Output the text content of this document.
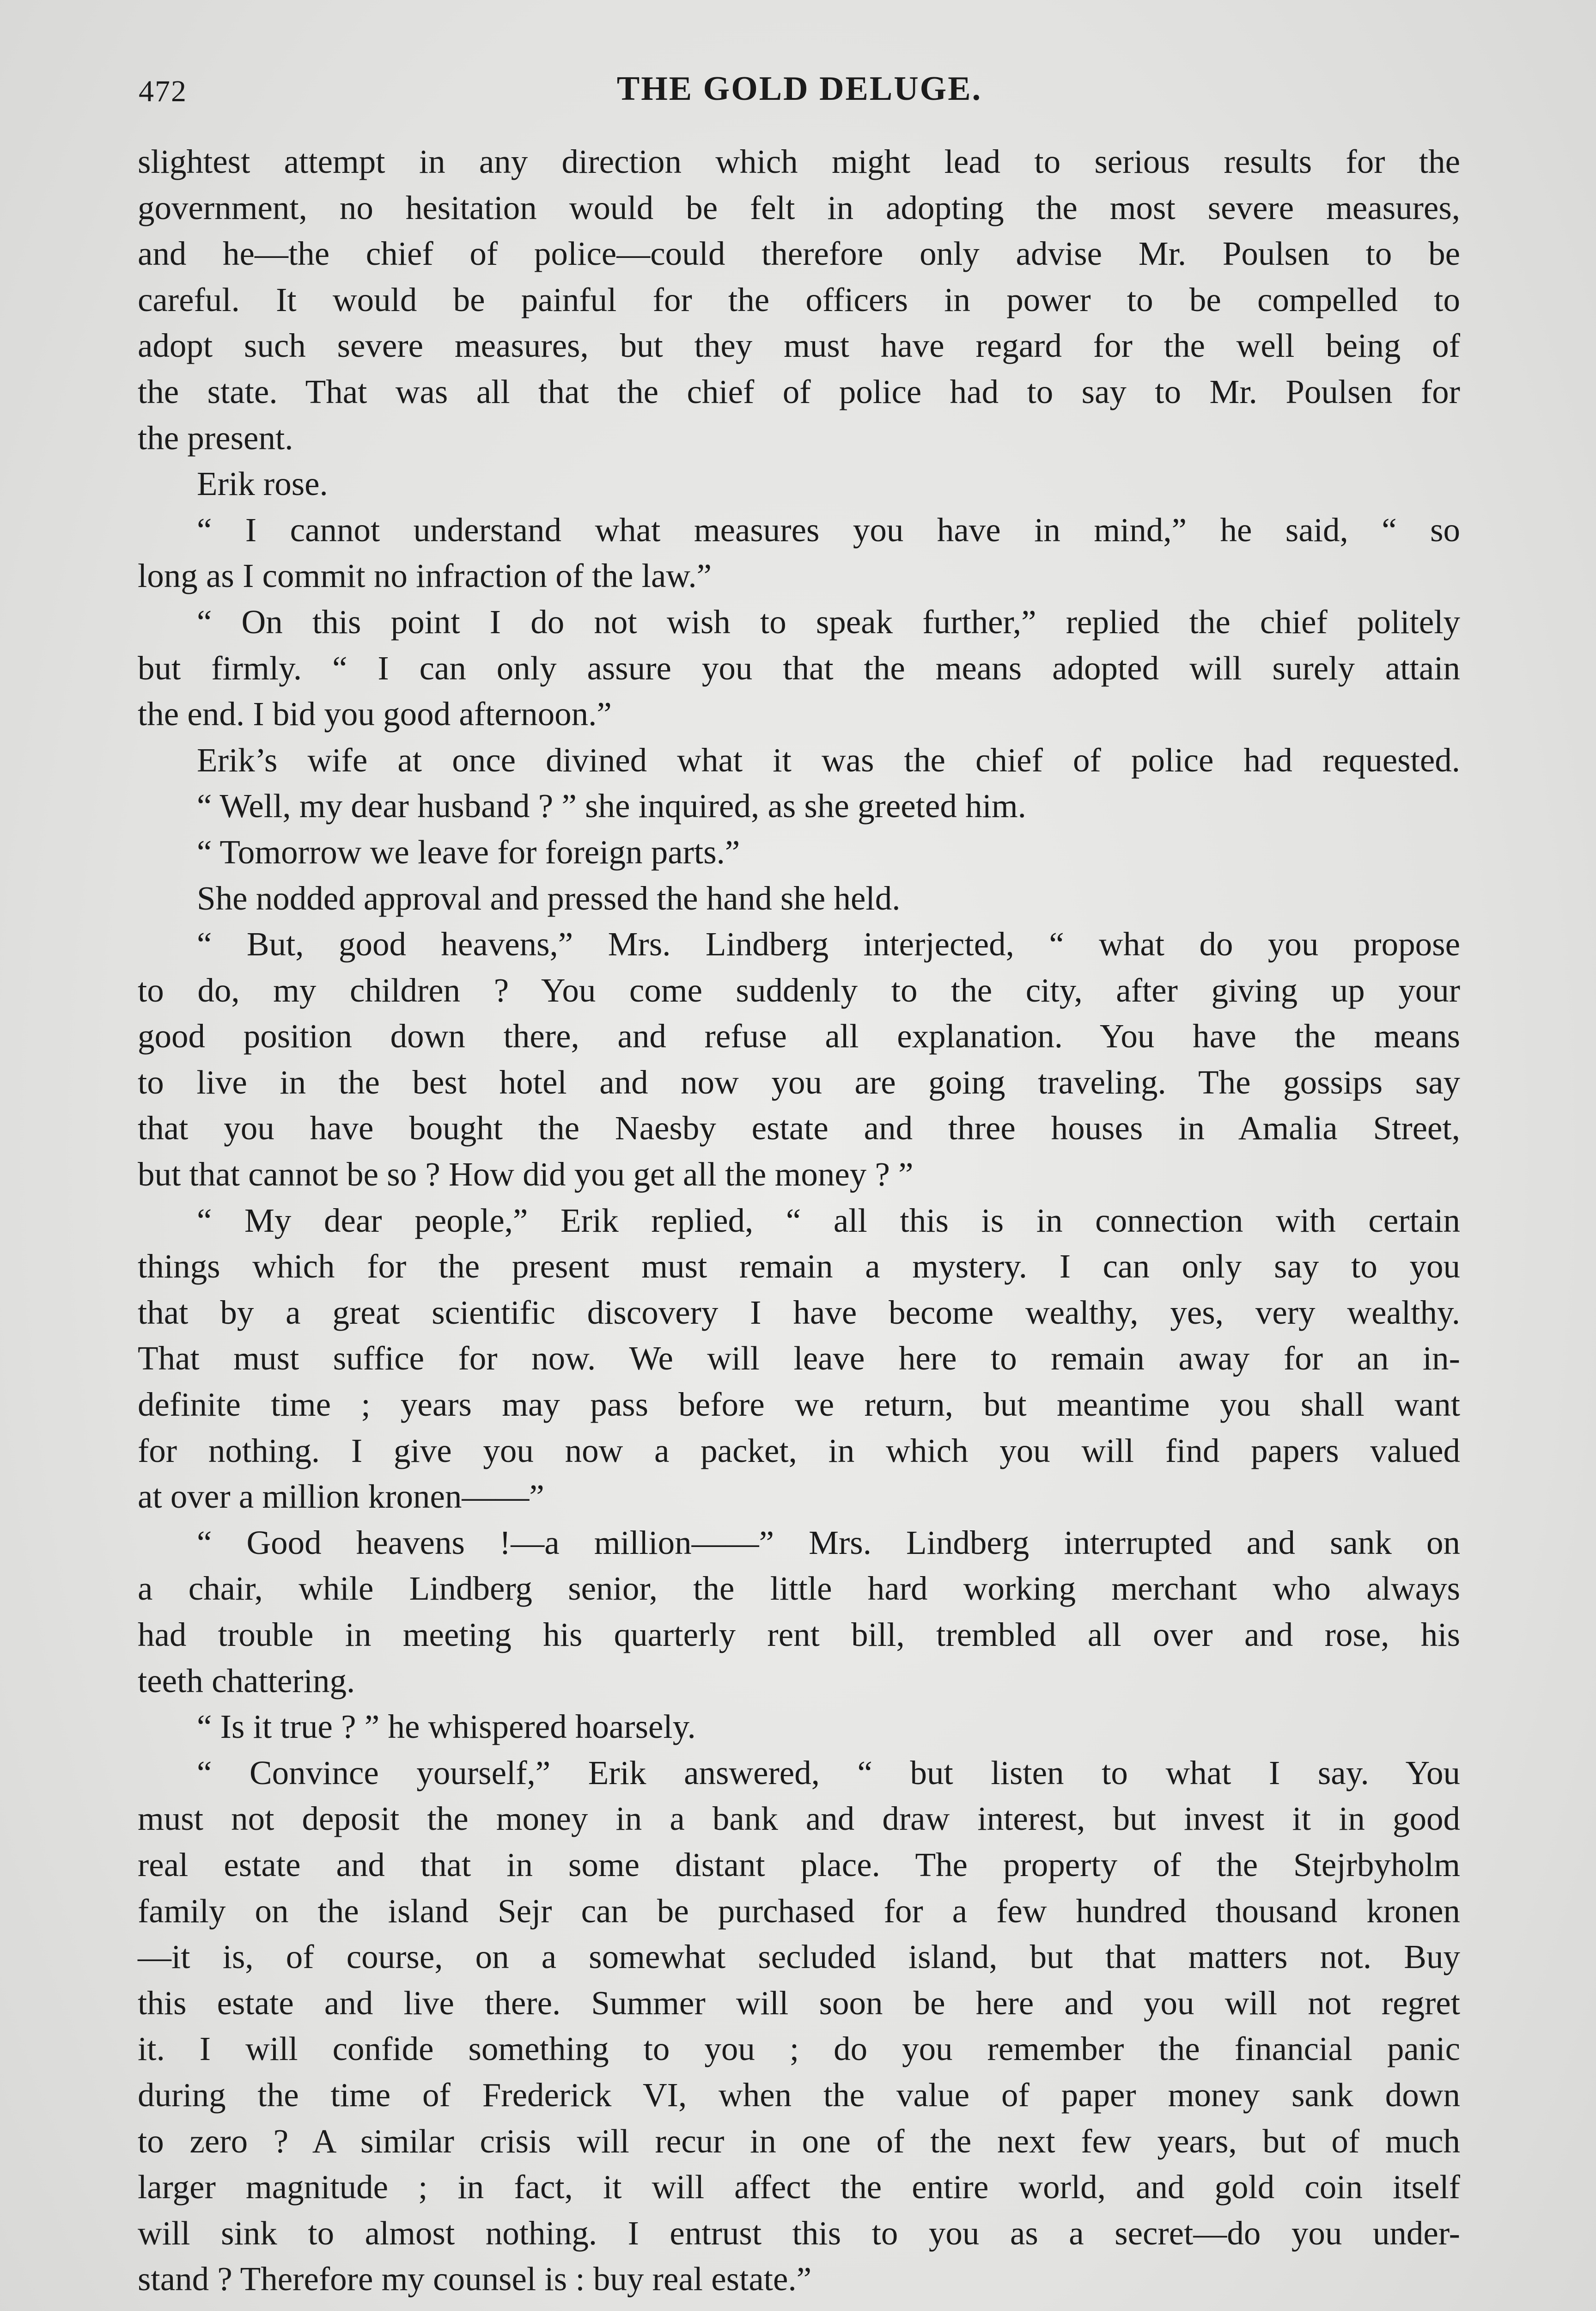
472	THE GOLD DELUGE.
slightest attempt in any direction which might lead to serious results for the
government, no hesitation would be felt in adopting the most severe measures,
and he—the chief of police—could therefore only advise Mr. Poulsen to be
careful. It would be painful for the officers in power to be compelled to
adopt such severe measures, but they must have regard for the well being of
the state. That was all that the chief of police had to say to Mr. Poulsen for
the present.
Erik rose.
“ I cannot understand what measures you have in mind,” he said, “ so
long as I commit no infraction of the law.”
“ On this point I do not wish to speak further,” replied the chief politely
but firmly. “ I can only assure you that the means adopted will surely attain
the end. I bid you good afternoon.”
Erik’s wife at once divined what it was the chief of police had requested.
“ Well, my dear husband ? ” she inquired, as she greeted him.
“ Tomorrow we leave for foreign parts.”
She nodded approval and pressed the hand she held.
“ But, good heavens,” Mrs. Lindberg interjected, “ what do you propose
to do, my children ? You come suddenly to the city, after giving up your
good position down there, and refuse all explanation. You have the means
to live in the best hotel and now you are going traveling. The gossips say
that you have bought the Naesby estate and three houses in Amalia Street,
but that cannot be so ? How did you get all the money ? ”
“ My dear people,” Erik replied, “ all this is in connection with certain
things which for the present must remain a mystery. I can only say to you
that by a great scientific discovery I have become wealthy, yes, very wealthy.
That must suffice for now. We will leave here to remain away for an in-
definite time ; years may pass before we return, but meantime you shall want
for nothing. I give you now a packet, in which you will find papers valued
at over a million kronen——”
“ Good heavens !—a million——” Mrs. Lindberg interrupted and sank on
a chair, while Lindberg senior, the little hard working merchant who always
had trouble in meeting his quarterly rent bill, trembled all over and rose, his
teeth chattering.
“ Is it true ? ” he whispered hoarsely.
“ Convince yourself,” Erik answered, “ but listen to what I say. You
must not deposit the money in a bank and draw interest, but invest it in good
real estate and that in some distant place. The property of the Stejrbyholm
family on the island Sejr can be purchased for a few hundred thousand kronen
—it is, of course, on a somewhat secluded island, but that matters not. Buy
this estate and live there. Summer will soon be here and you will not regret
it. I will confide something to you ; do you remember the financial panic
during the time of Frederick VI, when the value of paper money sank down
to zero ? A similar crisis will recur in one of the next few years, but of much
larger magnitude ; in fact, it will affect the entire world, and gold coin itself
will sink to almost nothing. I entrust this to you as a secret—do you under-
stand ? Therefore my counsel is : buy real estate.”
